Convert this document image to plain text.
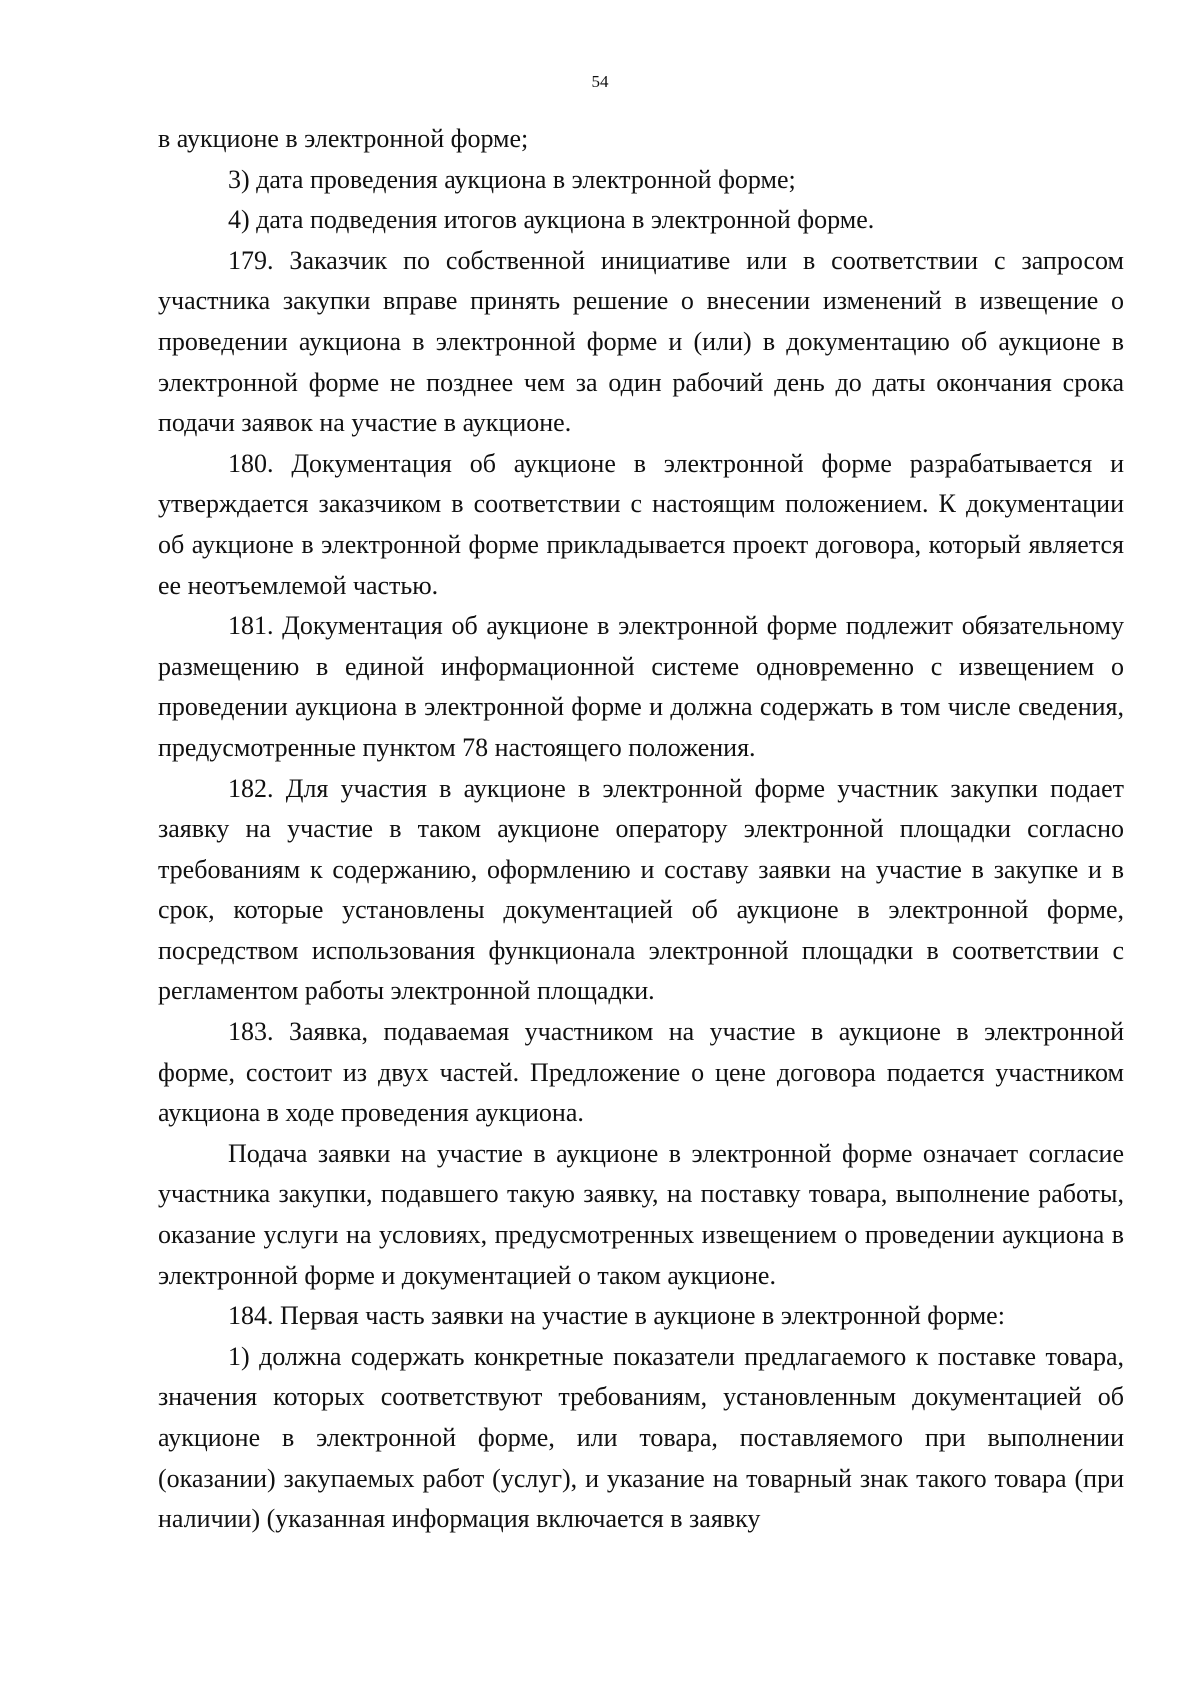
54

в аукционе в электронной форме;

3) дата проведения аукциона в электронной форме;

4) дата подведения итогов аукциона в электронной форме.

179. Заказчик по собственной инициативе или в соответствии с запросом участника закупки вправе принять решение о внесении изменений в извещение о проведении аукциона в электронной форме и (или) в документацию об аукционе в электронной форме не позднее чем за один рабочий день до даты окончания срока подачи заявок на участие в аукционе.

180. Документация об аукционе в электронной форме разрабатывается и утверждается заказчиком в соответствии с настоящим положением. К документации об аукционе в электронной форме прикладывается проект договора, который является ее неотъемлемой частью.

181. Документация об аукционе в электронной форме подлежит обязательному размещению в единой информационной системе одновременно с извещением о проведении аукциона в электронной форме и должна содержать в том числе сведения, предусмотренные пунктом 78 настоящего положения.

182. Для участия в аукционе в электронной форме участник закупки подает заявку на участие в таком аукционе оператору электронной площадки согласно требованиям к содержанию, оформлению и составу заявки на участие в закупке и в срок, которые установлены документацией об аукционе в электронной форме, посредством использования функционала электронной площадки в соответствии с регламентом работы электронной площадки.

183. Заявка, подаваемая участником на участие в аукционе в электронной форме, состоит из двух частей. Предложение о цене договора подается участником аукциона в ходе проведения аукциона.

Подача заявки на участие в аукционе в электронной форме означает согласие участника закупки, подавшего такую заявку, на поставку товара, выполнение работы, оказание услуги на условиях, предусмотренных извещением о проведении аукциона в электронной форме и документацией о таком аукционе.

184. Первая часть заявки на участие в аукционе в электронной форме:

1) должна содержать конкретные показатели предлагаемого к поставке товара, значения которых соответствуют требованиям, установленным документацией об аукционе в электронной форме, или товара, поставляемого при выполнении (оказании) закупаемых работ (услуг), и указание на товарный знак такого товара (при наличии) (указанная информация включается в заявку
